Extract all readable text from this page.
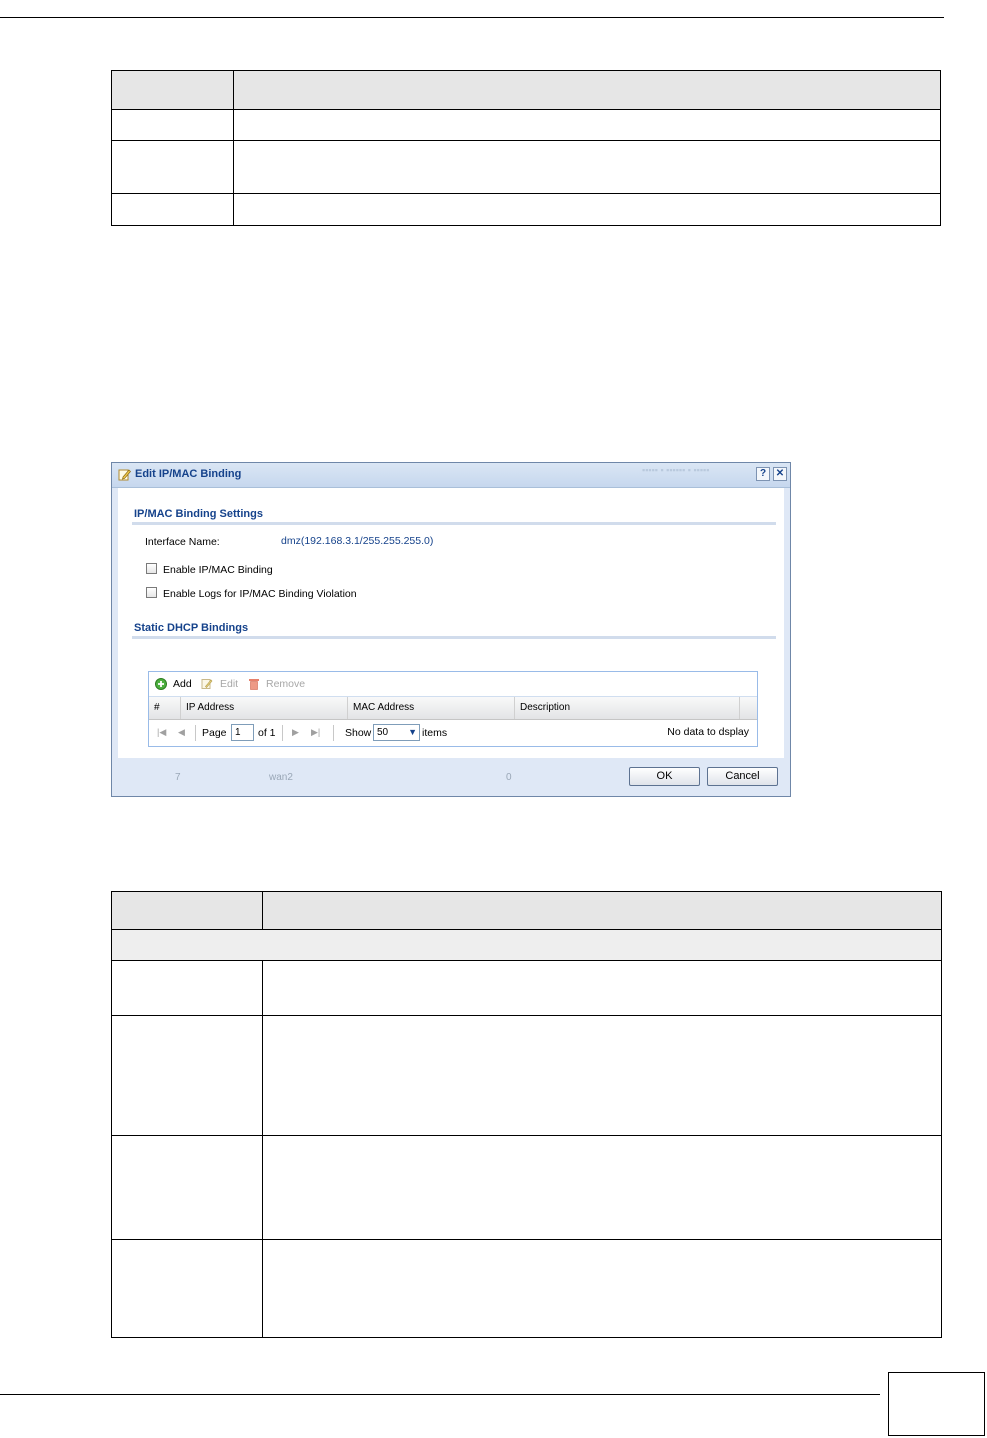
Edit IP/MAC Binding	▪▪▪▪▪ ▪ ▪▪▪▪▪▪ ▪ ▪▪▪▪▪	? ✕
IP/MAC Binding Settings
Interface Name:	dmz(192.168.3.1/255.255.255.0)
Enable IP/MAC Binding
Enable Logs for IP/MAC Binding Violation
Static DHCP Bindings
Add	Edit	Remove
#	IP Address	MAC Address	Description
|◀ ◀ Page 1	of 1 ▶ ▶| Show 50 ▼ items	No data to dsplay
7	wan2	0	OK	Cancel
